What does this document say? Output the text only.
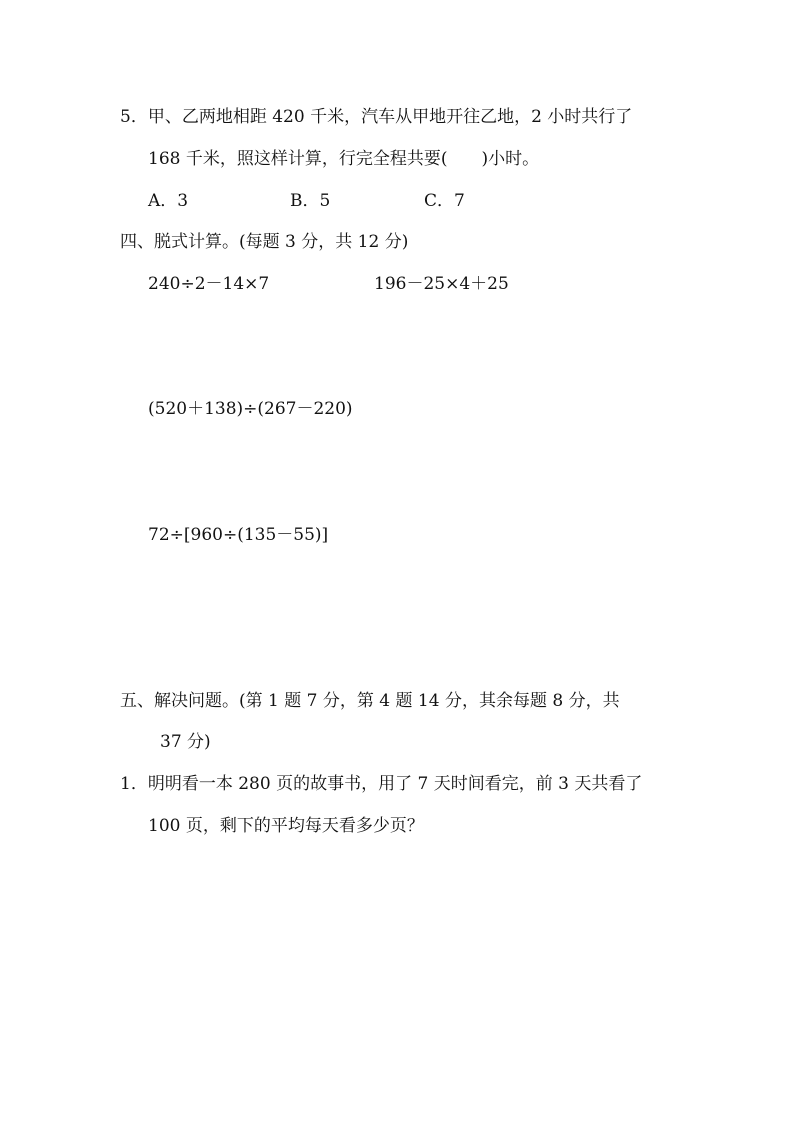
5．甲、乙两地相距 420 千米，汽车从甲地开往乙地，2 小时共行了
168 千米，照这样计算，行完全程共要(　　)小时。
A．3	B．5	C．7
四、脱式计算。(每题 3 分，共 12 分)
240÷2－14×7	196－25×4＋25
(520＋138)÷(267－220)
72÷[960÷(135－55)]
五、解决问题。(第 1 题 7 分，第 4 题 14 分，其余每题 8 分，共
37 分)
1．明明看一本 280 页的故事书，用了 7 天时间看完，前 3 天共看了
100 页，剩下的平均每天看多少页？
